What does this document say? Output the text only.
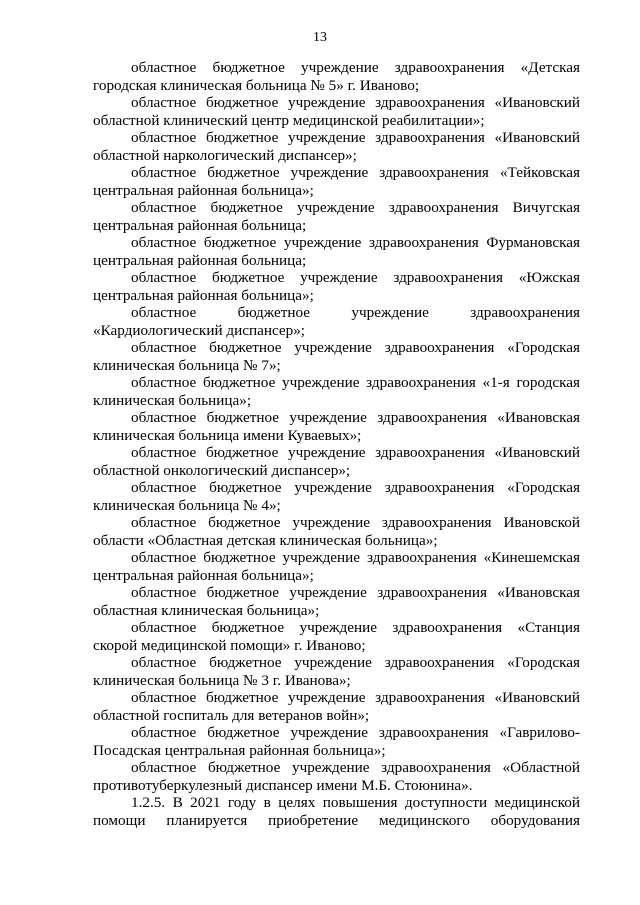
13

областное бюджетное учреждение здравоохранения «Детская городская клиническая больница № 5» г. Иваново;

областное бюджетное учреждение здравоохранения «Ивановский областной клинический центр медицинской реабилитации»;

областное бюджетное учреждение здравоохранения «Ивановский областной наркологический диспансер»;

областное бюджетное учреждение здравоохранения «Тейковская центральная районная больница»;

областное бюджетное учреждение здравоохранения Вичугская центральная районная больница;

областное бюджетное учреждение здравоохранения Фурмановская центральная районная больница;

областное бюджетное учреждение здравоохранения «Южская центральная районная больница»;

областное бюджетное учреждение здравоохранения «Кардиологический диспансер»;

областное бюджетное учреждение здравоохранения «Городская клиническая больница № 7»;

областное бюджетное учреждение здравоохранения «1-я городская клиническая больница»;

областное бюджетное учреждение здравоохранения «Ивановская клиническая больница имени Куваевых»;

областное бюджетное учреждение здравоохранения «Ивановский областной онкологический диспансер»;

областное бюджетное учреждение здравоохранения «Городская клиническая больница № 4»;

областное бюджетное учреждение здравоохранения Ивановской области «Областная детская клиническая больница»;

областное бюджетное учреждение здравоохранения «Кинешемская центральная районная больница»;

областное бюджетное учреждение здравоохранения «Ивановская областная клиническая больница»;

областное бюджетное учреждение здравоохранения «Станция скорой медицинской помощи» г. Иваново;

областное бюджетное учреждение здравоохранения «Городская клиническая больница № 3 г. Иванова»;

областное бюджетное учреждение здравоохранения «Ивановский областной госпиталь для ветеранов войн»;

областное бюджетное учреждение здравоохранения «Гаврилово-Посадская центральная районная больница»;

областное бюджетное учреждение здравоохранения «Областной противотуберкулезный диспансер имени М.Б. Стоюнина».

1.2.5. В 2021 году в целях повышения доступности медицинской помощи планируется приобретение медицинского оборудования
